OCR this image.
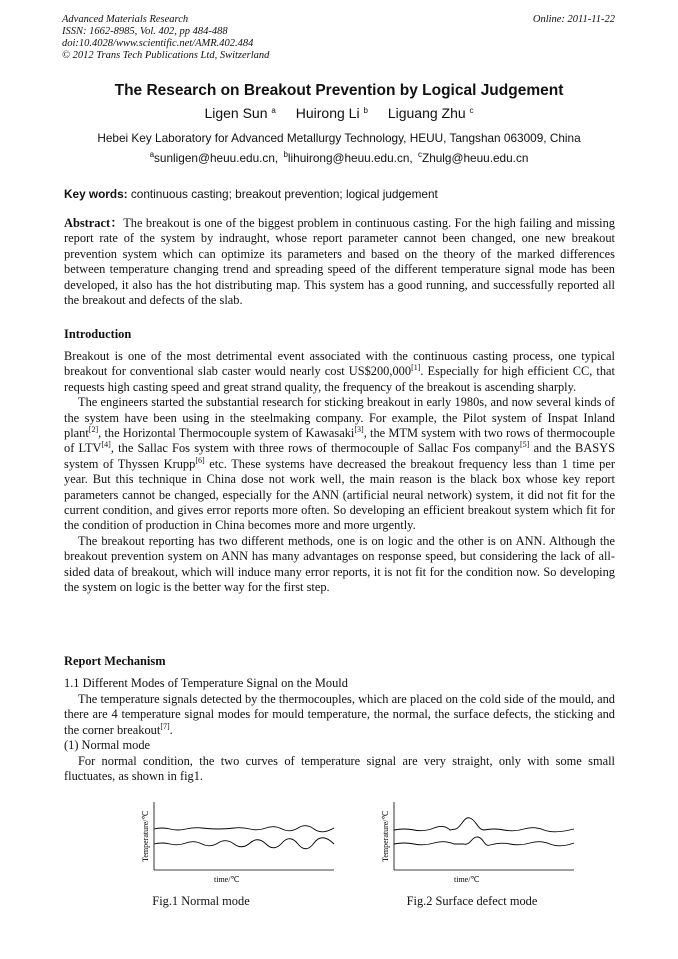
Advanced Materials Research
ISSN: 1662-8985, Vol. 402, pp 484-488
doi:10.4028/www.scientific.net/AMR.402.484
© 2012 Trans Tech Publications Ltd, Switzerland
Online: 2011-11-22
The Research on Breakout Prevention by Logical Judgement
Ligen Sun $^a$ Huirong Li $^b$ Liguang Zhu $^c$
Hebei Key Laboratory for Advanced Metallurgy Technology, HEUU, Tangshan 063009, China
$^a$sunligen@heuu.edu.cn, $^b$lihuirong@heuu.edu.cn, $^c$Zhulg@heuu.edu.cn
Key words: continuous casting; breakout prevention; logical judgement
Abstract：The breakout is one of the biggest problem in continuous casting. For the high failing and missing report rate of the system by indraught, whose report parameter cannot been changed, one new breakout prevention system which can optimize its parameters and based on the theory of the marked differences between temperature changing trend and spreading speed of the different temperature signal mode has been developed, it also has the hot distributing map. This system has a good running, and successfully reported all the breakout and defects of the slab.
Introduction
Breakout is one of the most detrimental event associated with the continuous casting process, one typical breakout for conventional slab caster would nearly cost US$200,000[1]. Especially for high efficient CC, that requests high casting speed and great strand quality, the frequency of the breakout is ascending sharply.
The engineers started the substantial research for sticking breakout in early 1980s, and now several kinds of the system have been using in the steelmaking company. For example, the Pilot system of Inspat Inland plant[2], the Horizontal Thermocouple system of Kawasaki[3], the MTM system with two rows of thermocouple of LTV[4], the Sallac Fos system with three rows of thermocouple of Sallac Fos company[5] and the BASYS system of Thyssen Krupp[6] etc. These systems have decreased the breakout frequency less than 1 time per year. But this technique in China dose not work well, the main reason is the black box whose key report parameters cannot be changed, especially for the ANN (artificial neural network) system, it did not fit for the current condition, and gives error reports more often. So developing an efficient breakout system which fit for the condition of production in China becomes more and more urgently.
The breakout reporting has two different methods, one is on logic and the other is on ANN. Although the breakout prevention system on ANN has many advantages on response speed, but considering the lack of all-sided data of breakout, which will induce many error reports, it is not fit for the condition now. So developing the system on logic is the better way for the first step.
Report Mechanism
1.1 Different Modes of Temperature Signal on the Mould
The temperature signals detected by the thermocouples, which are placed on the cold side of the mould, and there are 4 temperature signal modes for mould temperature, the normal, the surface defects, the sticking and the corner breakout[7].
(1) Normal mode
For normal condition, the two curves of temperature signal are very straight, only with some small fluctuates, as shown in fig1.
Temperature/℃
time/℃
Fig.1 Normal mode
Temperature/℃
time/℃
Fig.2 Surface defect mode
